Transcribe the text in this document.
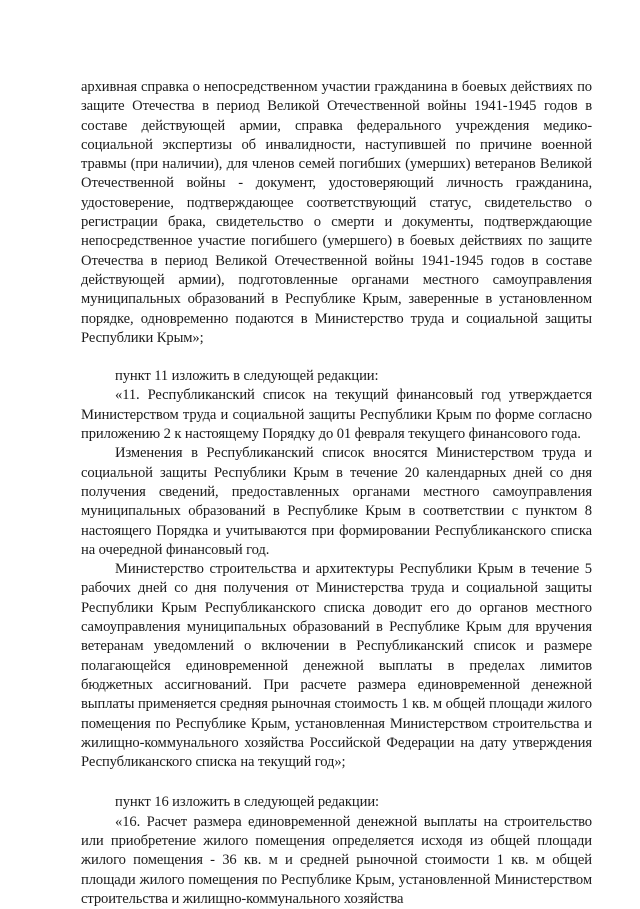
архивная справка о непосредственном участии гражданина в боевых действиях по защите Отечества в период Великой Отечественной войны 1941-1945 годов в составе действующей армии, справка федерального учреждения медико-социальной экспертизы об инвалидности, наступившей по причине военной травмы (при наличии), для членов семей погибших (умерших) ветеранов Великой Отечественной войны - документ, удостоверяющий личность гражданина, удостоверение, подтверждающее соответствующий статус, свидетельство о регистрации брака, свидетельство о смерти и документы, подтверждающие непосредственное участие погибшего (умершего) в боевых действиях по защите Отечества в период Великой Отечественной войны 1941-1945 годов в составе действующей армии), подготовленные органами местного самоуправления муниципальных образований в Республике Крым, заверенные в установленном порядке, одновременно подаются в Министерство труда и социальной защиты Республики Крым»;

пункт 11 изложить в следующей редакции:

«11. Республиканский список на текущий финансовый год утверждается Министерством труда и социальной защиты Республики Крым по форме согласно приложению 2 к настоящему Порядку до 01 февраля текущего финансового года.

Изменения в Республиканский список вносятся Министерством труда и социальной защиты Республики Крым в течение 20 календарных дней со дня получения сведений, предоставленных органами местного самоуправления муниципальных образований в Республике Крым в соответствии с пунктом 8 настоящего Порядка и учитываются при формировании Республиканского списка на очередной финансовый год.

Министерство строительства и архитектуры Республики Крым в течение 5 рабочих дней со дня получения от Министерства труда и социальной защиты Республики Крым Республиканского списка доводит его до органов местного самоуправления муниципальных образований в Республике Крым для вручения ветеранам уведомлений о включении в Республиканский список и размере полагающейся единовременной денежной выплаты в пределах лимитов бюджетных ассигнований. При расчете размера единовременной денежной выплаты применяется средняя рыночная стоимость 1 кв. м общей площади жилого помещения по Республике Крым, установленная Министерством строительства и жилищно-коммунального хозяйства Российской Федерации на дату утверждения Республиканского списка на текущий год»;

пункт 16 изложить в следующей редакции:

«16. Расчет размера единовременной денежной выплаты на строительство или приобретение жилого помещения определяется исходя из общей площади жилого помещения - 36 кв. м и средней рыночной стоимости 1 кв. м общей площади жилого помещения по Республике Крым, установленной Министерством строительства и жилищно-коммунального хозяйства
